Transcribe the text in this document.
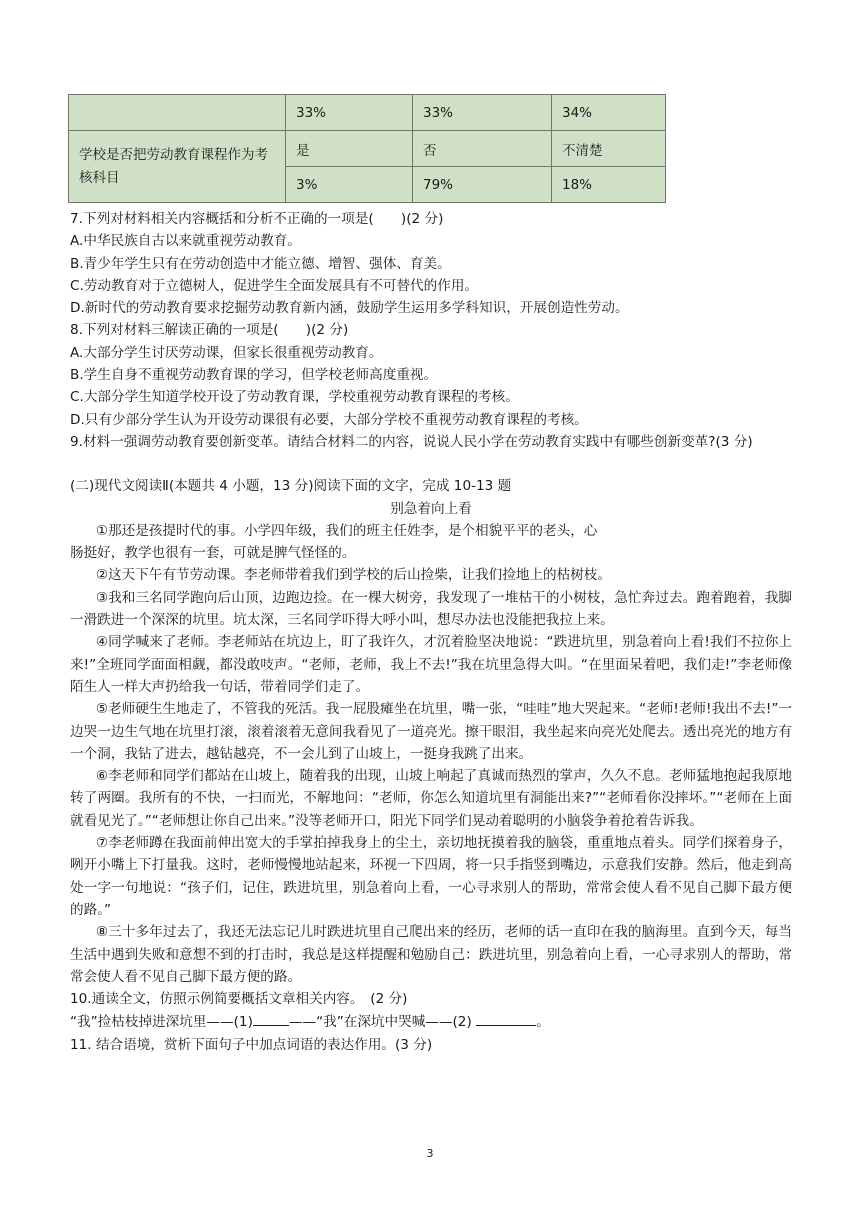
	33%	33%	34%
学校是否把劳动教育课程作为考核科目	是	否	不清楚
	3%	79%	18%

7.下列对材料相关内容概括和分析不正确的一项是(　　)(2 分)

A.中华民族自古以来就重视劳动教育。

B.青少年学生只有在劳动创造中才能立德、增智、强体、育美。

C.劳动教育对于立德树人，促进学生全面发展具有不可替代的作用。

D.新时代的劳动教育要求挖掘劳动教育新内涵，鼓励学生运用多学科知识，开展创造性劳动。

8.下列对材料三解读正确的一项是(　　)(2 分)

A.大部分学生讨厌劳动课，但家长很重视劳动教育。

B.学生自身不重视劳动教育课的学习，但学校老师高度重视。

C.大部分学生知道学校开设了劳动教育课，学校重视劳动教育课程的考核。

D.只有少部分学生认为开设劳动课很有必要，大部分学校不重视劳动教育课程的考核。

9.材料一强调劳动教育要创新变革。请结合材料二的内容，说说人民小学在劳动教育实践中有哪些创新变革?(3 分)

(二)现代文阅读Ⅱ(本题共 4 小题，13 分)阅读下面的文字，完成 10-13 题

别急着向上看

①那还是孩提时代的事。小学四年级，我们的班主任姓李，是个相貌平平的老头，心

肠挺好，教学也很有一套，可就是脾气怪怪的。

②这天下午有节劳动课。李老师带着我们到学校的后山捡柴，让我们捡地上的枯树枝。

③我和三名同学跑向后山顶，边跑边捡。在一棵大树旁，我发现了一堆枯干的小树枝，急忙奔过去。跑着跑着，我脚一滑跌进一个深深的坑里。坑太深，三名同学吓得大呼小叫，想尽办法也没能把我拉上来。

④同学喊来了老师。李老师站在坑边上，盯了我许久，才沉着脸坚决地说：“跌进坑里，别急着向上看!我们不拉你上来!”全班同学面面相觑，都没敢吱声。“老师，老师，我上不去!”我在坑里急得大叫。“在里面呆着吧，我们走!”李老师像陌生人一样大声扔给我一句话，带着同学们走了。

⑤老师硬生生地走了，不管我的死活。我一屁股瘫坐在坑里，嘴一张，“哇哇”地大哭起来。“老师!老师!我出不去!”一边哭一边生气地在坑里打滚，滚着滚着无意间我看见了一道亮光。擦干眼泪，我坐起来向亮光处爬去。透出亮光的地方有一个洞，我钻了进去，越钻越亮，不一会儿到了山坡上，一挺身我跳了出来。

⑥李老师和同学们都站在山坡上，随着我的出现，山坡上响起了真诚而热烈的掌声，久久不息。老师猛地抱起我原地转了两圈。我所有的不快，一扫而光，不解地问：“老师，你怎么知道坑里有洞能出来?”“老师看你没摔坏。”“老师在上面就看见光了。”“老师想让你自己出来。”没等老师开口，阳光下同学们晃动着聪明的小脑袋争着抢着告诉我。

⑦李老师蹲在我面前伸出宽大的手掌拍掉我身上的尘土，亲切地抚摸着我的脑袋，重重地点着头。同学们探着身子，咧开小嘴上下打量我。这时，老师慢慢地站起来，环视一下四周，将一只手指竖到嘴边，示意我们安静。然后，他走到高处一字一句地说：“孩子们，记住，跌进坑里，别急着向上看，一心寻求别人的帮助，常常会使人看不见自己脚下最方便的路。”

⑧三十多年过去了，我还无法忘记儿时跌进坑里自己爬出来的经历，老师的话一直印在我的脑海里。直到今天，每当生活中遇到失败和意想不到的打击时，我总是这样提醒和勉励自己：跌进坑里，别急着向上看，一心寻求别人的帮助，常常会使人看不见自己脚下最方便的路。

10.通读全文，仿照示例简要概括文章相关内容。　(2 分)

“我”捡枯枝掉进深坑里——(1)	——“我”在深坑中哭喊——(2)	。

11. 结合语境，赏析下面句子中加点词语的表达作用。(3 分)

3
